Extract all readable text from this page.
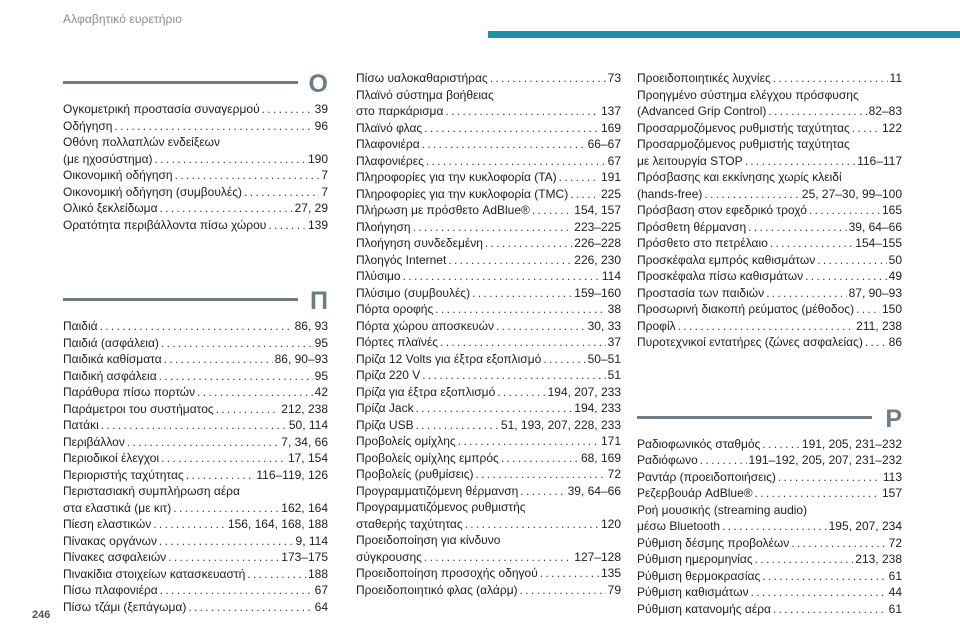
Αλφαβητικό ευρετήριο
Ο
Ογκομετρική προστασία συναγερμού . . .	39
Οδήγηση . . .	96
Οθόνη πολλαπλών ενδείξεων
(με ηχοσύστημα) . . .	190
Οικονομική οδήγηση . . .	7
Οικονομική οδήγηση (συμβουλές) . . .	7
Ολικό ξεκλείδωμα . . .	27, 29
Ορατότητα περιβάλλοντα πίσω χώρου . . .	139
Π
Παιδιά . . .	86, 93
Παιδιά (ασφάλεια) . . .	95
Παιδικά καθίσματα . . .	86, 90–93
Παιδική ασφάλεια . . .	95
Παράθυρα πίσω πορτών . . .	42
Παράμετροι του συστήματος . . .	212, 238
Πατάκι . . .	50, 114
Περιβάλλον . . .	7, 34, 66
Περιοδικοί έλεγχοι . . .	17, 154
Περιοριστής ταχύτητας . . .	116–119, 126
Περιστασιακή συμπλήρωση αέρα
στα ελαστικά (με κιτ) . . .	162, 164
Πίεση ελαστικών . . .	156, 164, 168, 188
Πίνακας οργάνων . . .	9, 114
Πίνακες ασφαλειών . . .	173–175
Πινακίδια στοιχείων κατασκευαστή . . .	188
Πίσω πλαφονιέρα . . .	67
Πίσω τζάμι (ξεπάγωμα) . . .	64
Πίσω υαλοκαθαριστήρας . . .	73
Πλαϊνό σύστημα βοήθειας
στο παρκάρισμα . . .	137
Πλαϊνό φλας . . .	169
Πλαφονιέρα . . .	66–67
Πλαφονιέρες . . .	67
Πληροφορίες για την κυκλοφορία (TA) . . .	191
Πληροφορίες για την κυκλοφορία (TMC) . . .	225
Πλήρωση με πρόσθετο AdBlue® . . .	154, 157
Πλοήγηση . . .	223–225
Πλοήγηση συνδεδεμένη . . .	226–228
Πλοηγός Internet . . .	226, 230
Πλύσιμο . . .	114
Πλύσιμο (συμβουλές) . . .	159–160
Πόρτα οροφής . . .	38
Πόρτα χώρου αποσκευών . . .	30, 33
Πόρτες πλαϊνές . . .	37
Πρίζα 12 Volts για έξτρα εξοπλισμό . . .	50–51
Πρίζα 220 V . . .	51
Πρίζα για έξτρα εξοπλισμό . . .	194, 207, 233
Πρίζα Jack . . .	194, 233
Πρίζα USB . . .	51, 193, 207, 228, 233
Προβολείς ομίχλης . . .	171
Προβολείς ομίχλης εμπρός . . .	68, 169
Προβολείς (ρυθμίσεις) . . .	72
Προγραμματιζόμενη θέρμανση . . .	39, 64–66
Προγραμματιζόμενος ρυθμιστής
σταθερής ταχύτητας . . .	120
Προειδοποίηση για κίνδυνο
σύγκρουσης . . .	127–128
Προειδοποίηση προσοχής οδηγού . . .	135
Προειδοποιητικό φλας (αλάρμ) . . .	79
Προειδοποιητικές λυχνίες . . .	11
Προηγμένο σύστημα ελέγχου πρόσφυσης
(Advanced Grip Control) . . .	82–83
Προσαρμοζόμενος ρυθμιστής ταχύτητας . . .	122
Προσαρμοζόμενος ρυθμιστής ταχύτητας
με λειτουργία STOP . . .	116–117
Πρόσβασης και εκκίνησης χωρίς κλειδί
(hands-free) . . .	25, 27–30, 99–100
Πρόσβαση στον εφεδρικό τροχό . . .	165
Πρόσθετη θέρμανση . . .	39, 64–66
Πρόσθετο στο πετρέλαιο . . .	154–155
Προσκέφαλα εμπρός καθισμάτων . . .	50
Προσκέφαλα πίσω καθισμάτων . . .	49
Προστασία των παιδιών . . .	87, 90–93
Προσωρινή διακοπή ρεύματος (μέθοδος) . . . 150
Προφίλ . . .	211, 238
Πυροτεχνικοί εντατήρες (ζώνες ασφαλείας) . . . 86
Ρ
Ραδιοφωνικός σταθμός . . .	191, 205, 231–232
Ραδιόφωνο . . .	191–192, 205, 207, 231–232
Ραντάρ (προειδοποιήσεις) . . .	113
Ρεζερβουάρ AdBlue® . . .	157
Ροή μουσικής (streaming audio)
μέσω Bluetooth . . .	195, 207, 234
Ρύθμιση δέσμης προβολέων . . .	72
Ρύθμιση ημερομηνίας . . .	213, 238
Ρύθμιση θερμοκρασίας . . .	61
Ρύθμιση καθισμάτων . . .	44
Ρύθμιση κατανομής αέρα . . .	61
246
